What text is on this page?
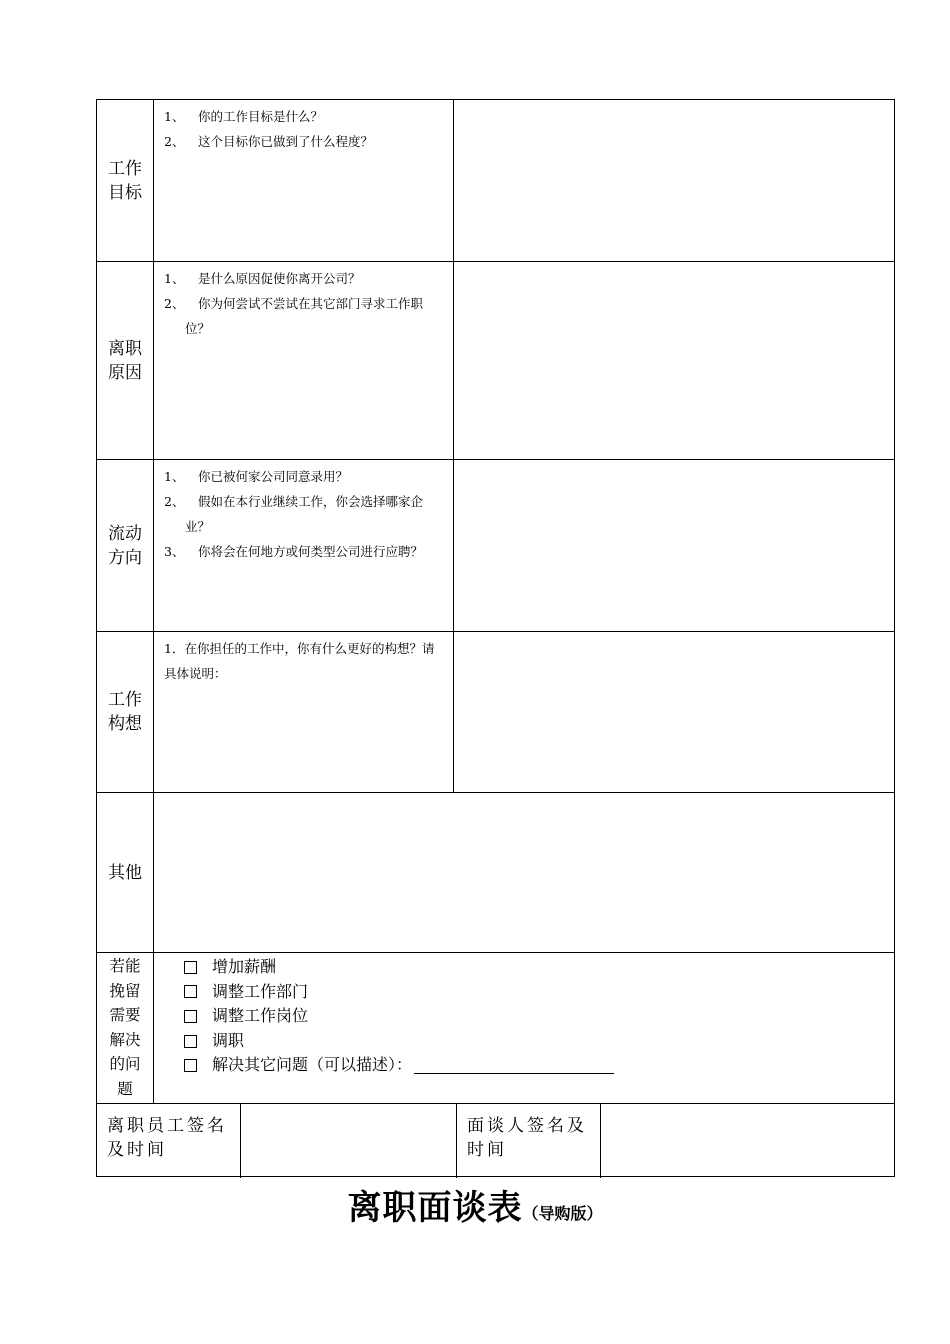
工作目标
1、 你的工作目标是什么？
2、 这个目标你已做到了什么程度？
离职原因
1、 是什么原因促使你离开公司？
2、 你为何尝试不尝试在其它部门寻求工作职位？
流动方向
1、 你已被何家公司同意录用？
2、 假如在本行业继续工作，你会选择哪家企业？
3、 你将会在何地方或何类型公司进行应聘？
工作构想
1．在你担任的工作中，你有什么更好的构想？请具体说明：
其他
若能挽留需要解决的问题
增加薪酬
调整工作部门
调整工作岗位
调职
解决其它问题（可以描述）：
离职员工签名及时间
面谈人签名及时间
离职面谈表（导购版）
